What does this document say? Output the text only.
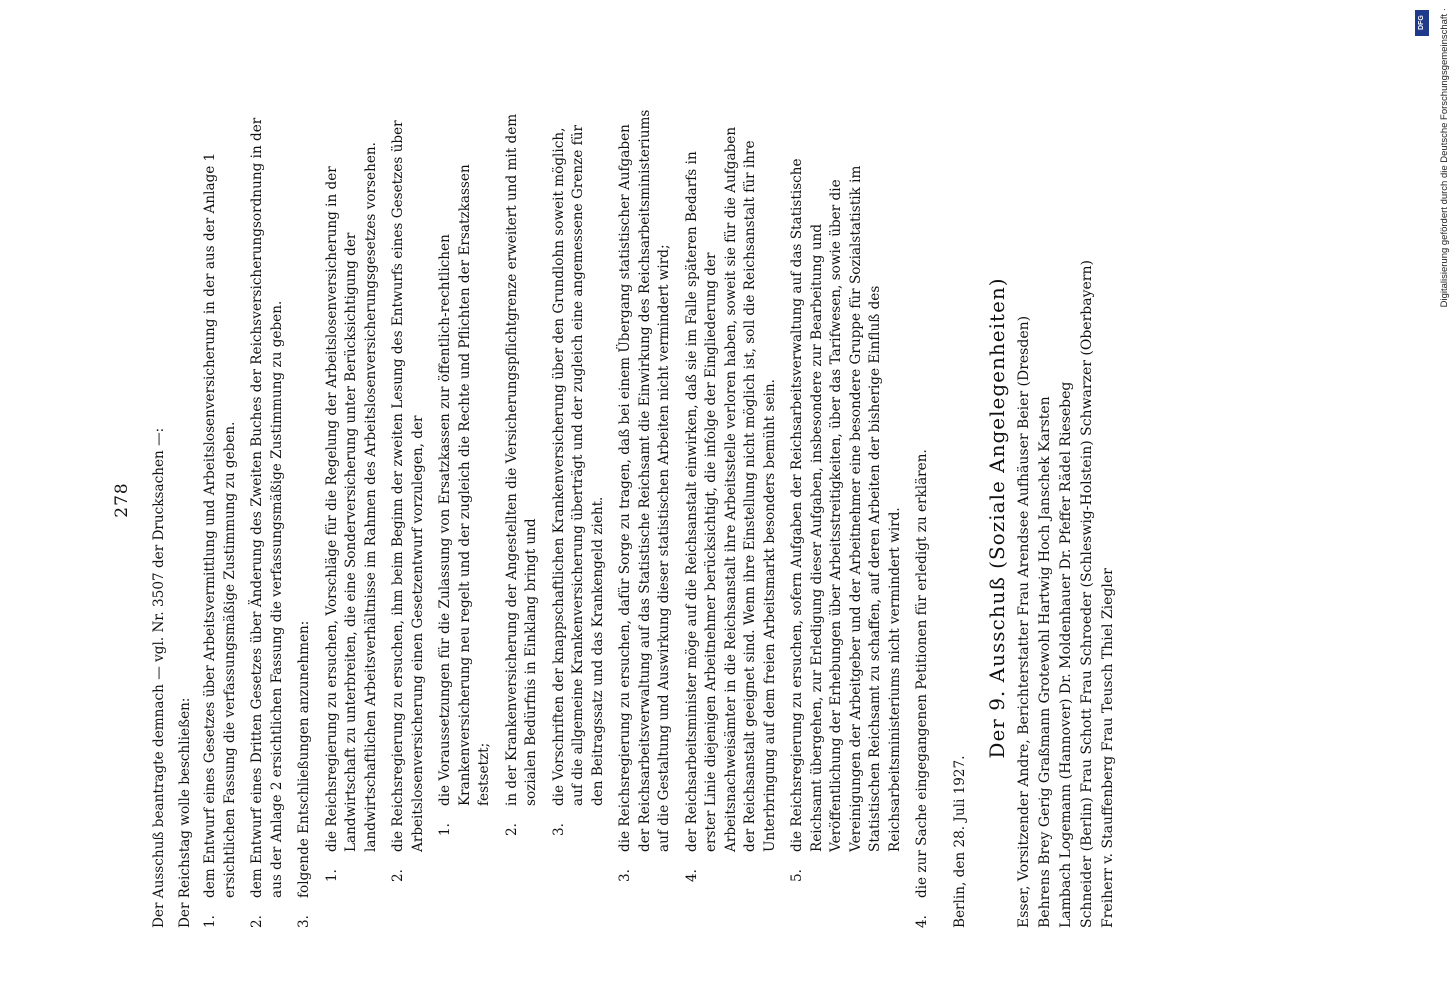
278 Der Ausschuß beantragte demnach — vgl. Nr. 3507 der Drucksachen —: Der Reichstag wolle beschließen: 1.
dem Entwurf eines Gesetzes über Arbeitsvermittlung und Arbeitslosenversicherung in der aus der Anlage 1 ersichtlichen Fassung die verfassungsmäßige Zustimmung zu geben.
2.
dem Entwurf eines Dritten Gesetzes über Änderung des Zweiten Buches der Reichsversicherungsordnung in der aus der Anlage 2 ersichtlichen Fassung die verfassungsmäßige Zustimmung zu geben.
3.
folgende Entschließungen anzunehmen: 1.
die Reichsregierung zu ersuchen, Vorschläge für die Regelung der Arbeitslosenversicherung in der Landwirtschaft zu unterbreiten, die eine Sonderversicherung unter Berücksichtigung der landwirtschaftlichen Arbeitsverhältnisse im Rahmen des Arbeitslosenversicherungsgesetzes vorsehen.
2.
die Reichsregierung zu ersuchen, ihm beim Beginn der zweiten Lesung des Entwurfs eines Gesetzes über Arbeitslosenversicherung einen Gesetzentwurf vorzulegen, der 1.
die Voraussetzungen für die Zulassung von Ersatzkassen zur öffentlich-rechtlichen Krankenversicherung neu regelt und der zugleich die Rechte und Pflichten der Ersatzkassen festsetzt;
2.
in der Krankenversicherung der Angestellten die Versicherungspflichtgrenze erweitert und mit dem sozialen Bedürfnis in Einklang bringt und
3.
die Vorschriften der knappschaftlichen Krankenversicherung über den Grundlohn soweit möglich, auf die allgemeine Krankenversicherung überträgt und der zugleich eine angemessene Grenze für den Beitragssatz und das Krankengeld zieht.
3.
die Reichsregierung zu ersuchen, dafür Sorge zu tragen, daß bei einem Übergang statistischer Aufgaben der Reichsarbeitsverwaltung auf das Statistische Reichsamt die Einwirkung des Reichsarbeitsministeriums auf die Gestaltung und Auswirkung dieser statistischen Arbeiten nicht vermindert wird;
4.
der Reichsarbeitsminister möge auf die Reichsanstalt einwirken, daß sie im Falle späteren Bedarfs in erster Linie diejenigen Arbeitnehmer berücksichtigt, die infolge der Eingliederung der Arbeitsnachweisämter in die Reichsanstalt ihre Arbeitsstelle verloren haben, soweit sie für die Aufgaben der Reichsanstalt geeignet sind. Wenn ihre Einstellung nicht möglich ist, soll die Reichsanstalt für ihre Unterbringung auf dem freien Arbeitsmarkt besonders bemüht sein.
5.
die Reichsregierung zu ersuchen, sofern Aufgaben der Reichsarbeitsverwaltung auf das Statistische Reichsamt übergehen, zur Erledigung dieser Aufgaben, insbesondere zur Bearbeitung und Veröffentlichung der Erhebungen über Arbeitsstreitigkeiten, über das Tarifwesen, sowie über die Vereinigungen der Arbeitgeber und der Arbeitnehmer eine besondere Gruppe für Sozialstatistik im Statistischen Reichsamt zu schaffen, auf deren Arbeiten der bisherige Einfluß des Reichsarbeitsministeriums nicht vermindert wird.
4.
die zur Sache eingegangenen Petitionen für erledigt zu erklären. Berlin, den 28. Juli 1927.
Der 9. Ausschuß (Soziale Angelegenheiten) Esser, Vorsitzender Andre, Berichterstatter Frau Arendsee Aufhäuser Beier (Dresden) Behrens Brey Gerig Graßmann Grotewohl Hartwig Hoch Janschek Karsten Lambach Logemann (Hannover) Dr. Moldenhauer Dr. Pfeffer Rädel Riesebeg Schneider (Berlin) Frau Schott Frau Schroeder (Schleswig-Holstein) Schwarzer (Oberbayern) Freiherr v. Stauffenberg Frau Teusch Thiel Ziegler
DFG	Digitalisierung gefördert durch die Deutsche Forschungsgemeinschaft ·
